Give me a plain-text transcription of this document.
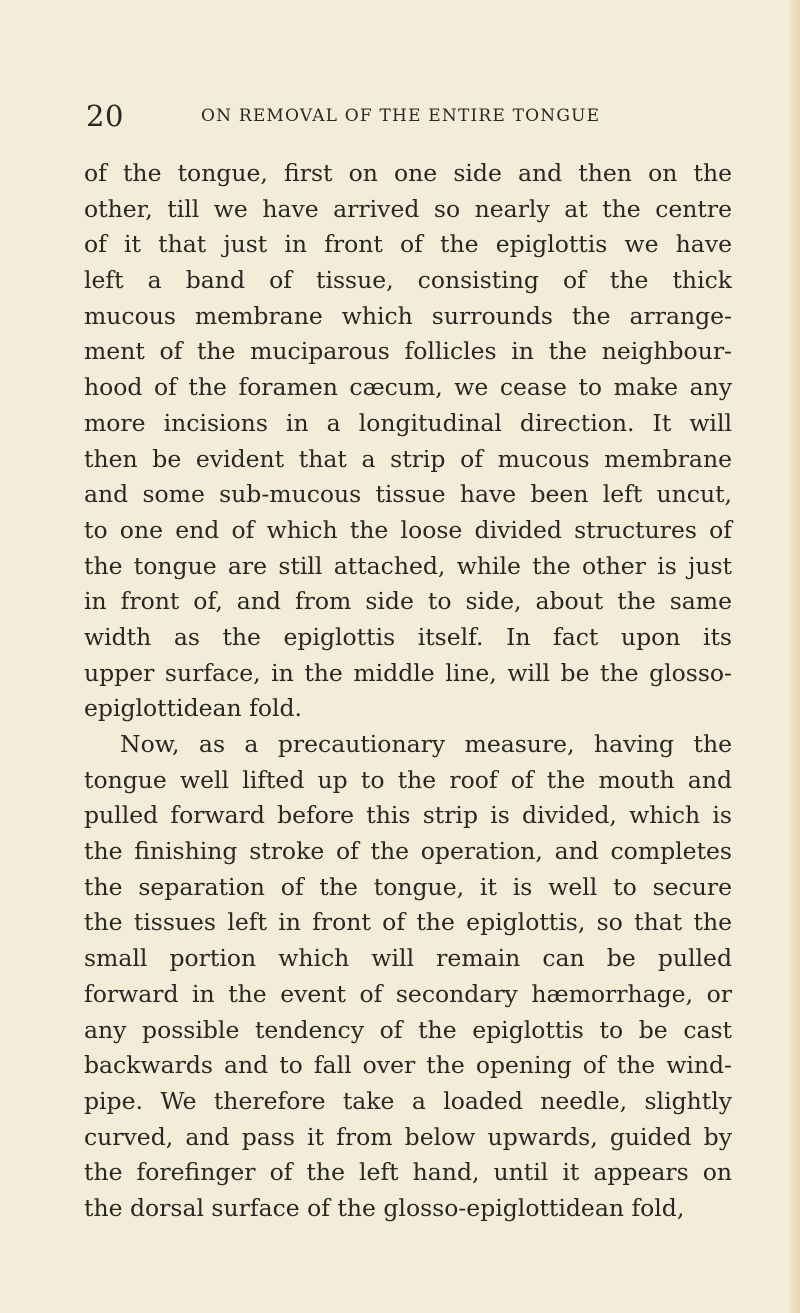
20	ON REMOVAL OF THE ENTIRE TONGUE
of the tongue, first on one side and then on the
other, till we have arrived so nearly at the centre
of it that just in front of the epiglottis we have
left a band of tissue, consisting of the thick
mucous membrane which surrounds the arrange-
ment of the muciparous follicles in the neighbour-
hood of the foramen cæcum, we cease to make any
more incisions in a longitudinal direction. It will
then be evident that a strip of mucous membrane
and some sub-mucous tissue have been left uncut,
to one end of which the loose divided structures of
the tongue are still attached, while the other is just
in front of, and from side to side, about the same
width as the epiglottis itself. In fact upon its
upper surface, in the middle line, will be the glosso-
epiglottidean fold.
Now, as a precautionary measure, having the
tongue well lifted up to the roof of the mouth and
pulled forward before this strip is divided, which is
the finishing stroke of the operation, and completes
the separation of the tongue, it is well to secure
the tissues left in front of the epiglottis, so that the
small portion which will remain can be pulled
forward in the event of secondary hæmorrhage, or
any possible tendency of the epiglottis to be cast
backwards and to fall over the opening of the wind-
pipe. We therefore take a loaded needle, slightly
curved, and pass it from below upwards, guided by
the forefinger of the left hand, until it appears on
the dorsal surface of the glosso-epiglottidean fold,
